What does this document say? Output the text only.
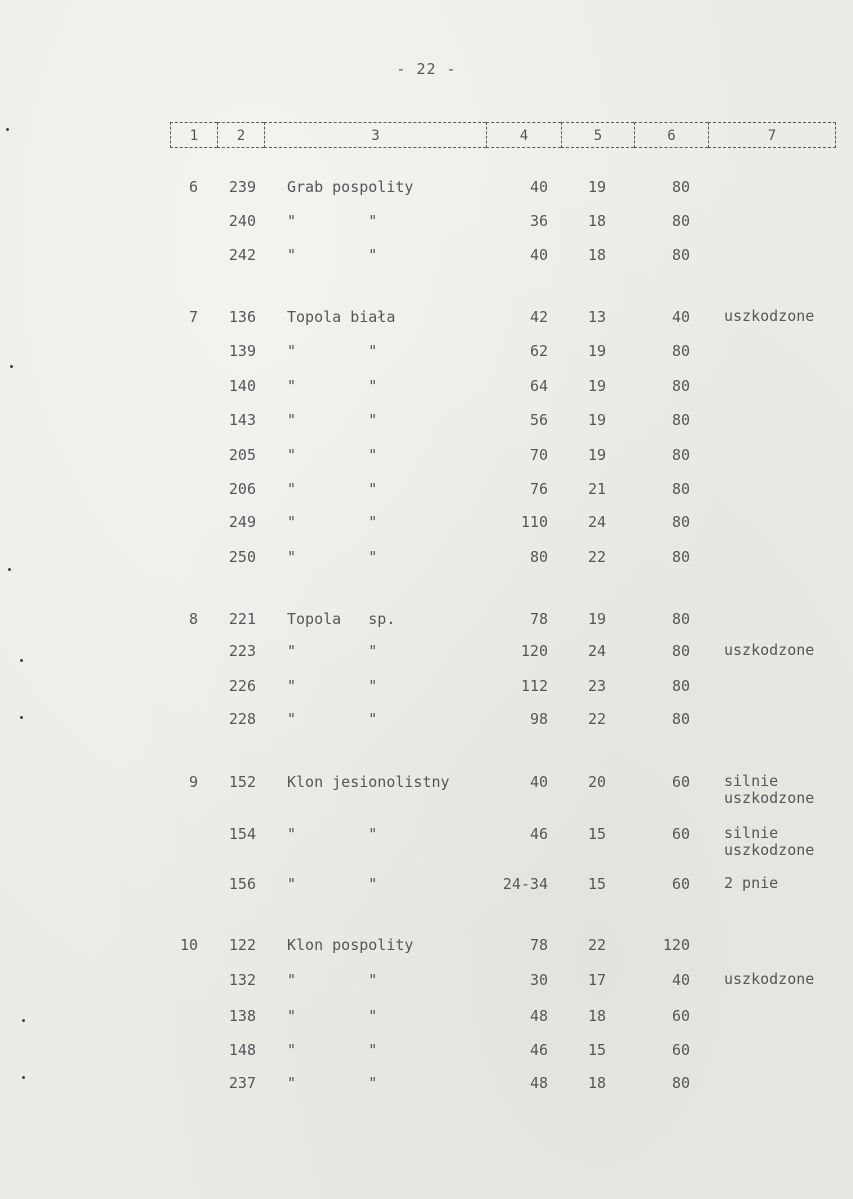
- 22 -
1	2	3	4	5	6	7
6	239 Grab pospolity	40	19	80
240 "        "	36	18	80
242 "        "	40	18	80
7	136 Topola biała	42	13	40 uszkodzone
139 "        "	62	19	80
140 "        "	64	19	80
143 "        "	56	19	80
205 "        "	70	19	80
206 "        "	76	21	80
249 "        "	110	24	80
250 "        "	80	22	80
8	221 Topola   sp.	78	19	80
223 "        "	120	24	80 uszkodzone
226 "        "	112	23	80
228 "        "	98	22	80
9	152 Klon jesionolistny	40	20	60 silnie
uszkodzone
154 "        "	46	15	60 silnie
uszkodzone
156 "        "	24-34	15	60 2 pnie
10	122 Klon pospolity	78	22	120
132 "        "	30	17	40 uszkodzone
138 "        "	48	18	60
148 "        "	46	15	60
237 "        "	48	18	80
